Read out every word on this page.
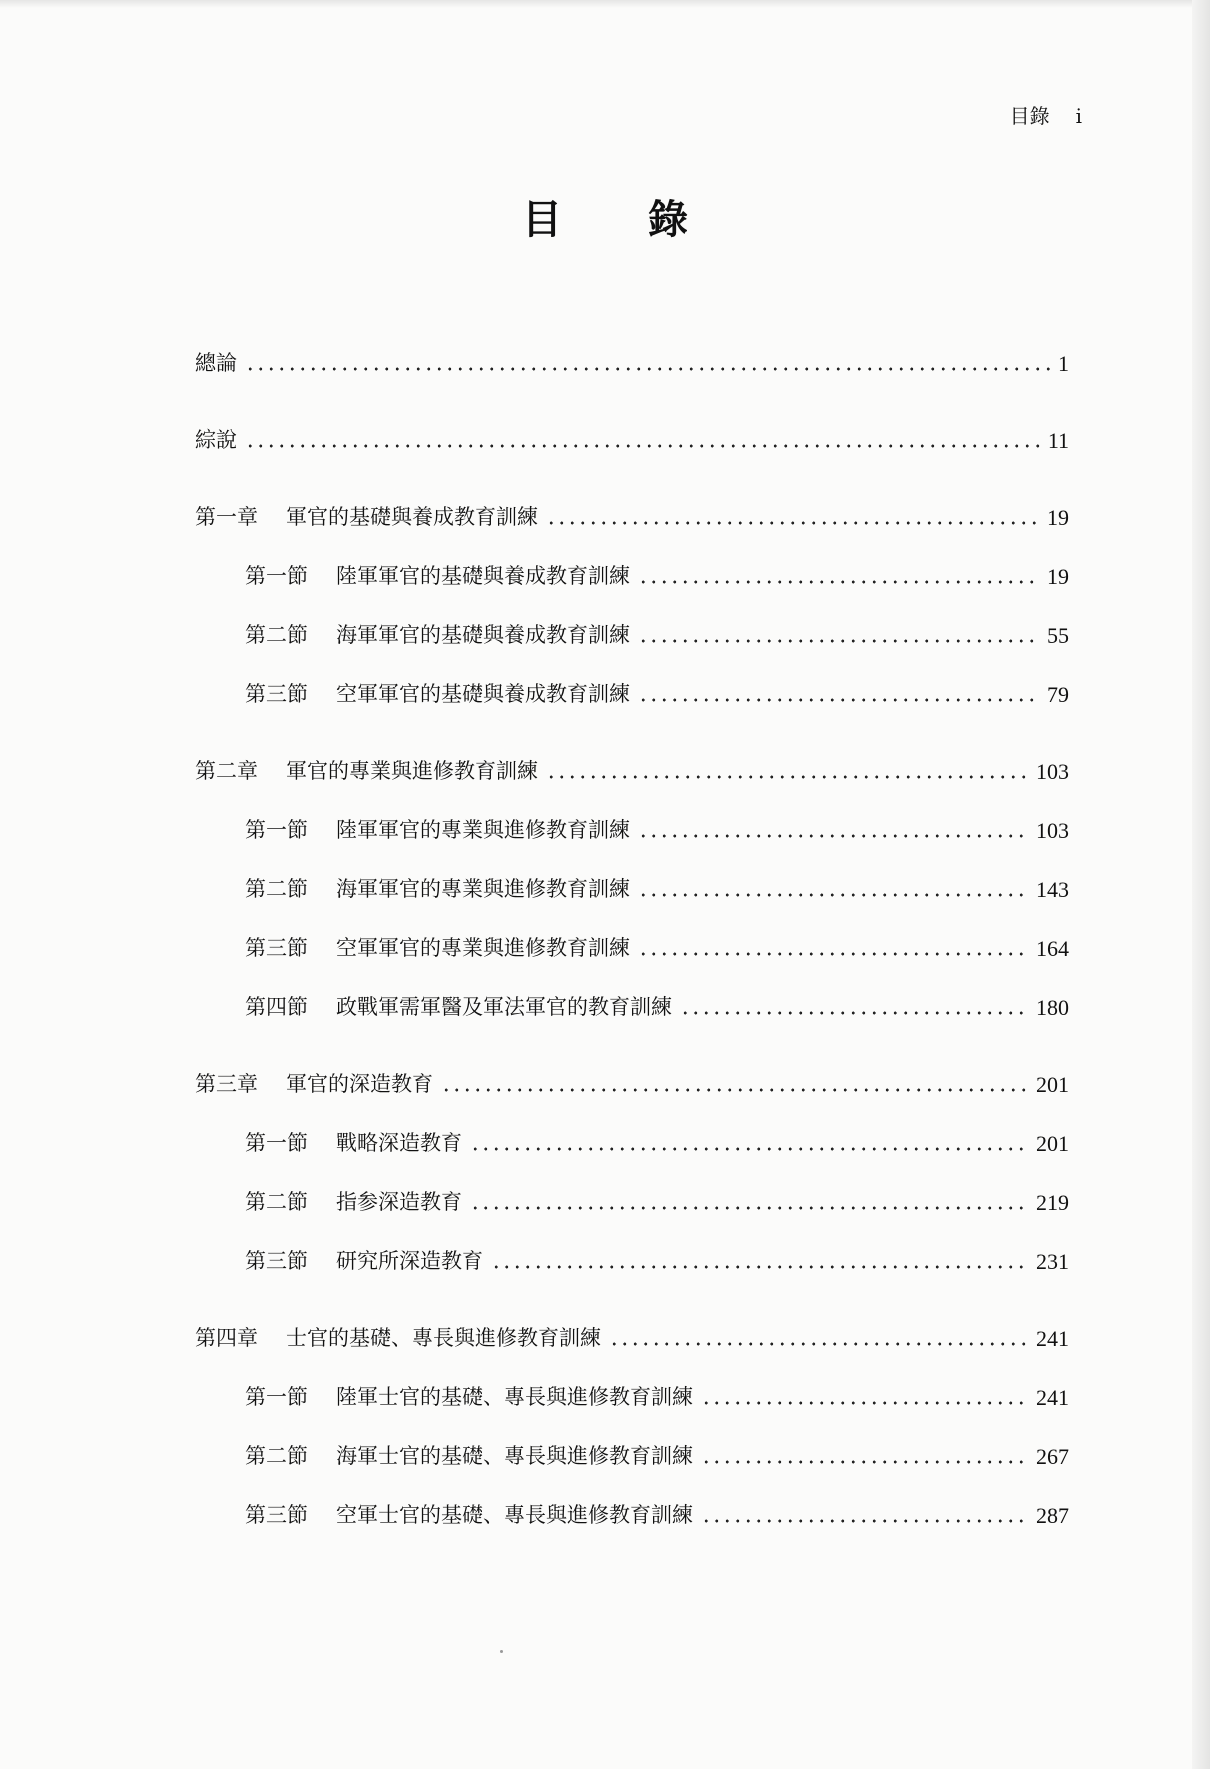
目錄 i
目 錄
總論	1
綜說	11
第一章 軍官的基礎與養成教育訓練	19
第一節 陸軍軍官的基礎與養成教育訓練	19
第二節 海軍軍官的基礎與養成教育訓練	55
第三節 空軍軍官的基礎與養成教育訓練	79
第二章 軍官的專業與進修教育訓練	103
第一節 陸軍軍官的專業與進修教育訓練	103
第二節 海軍軍官的專業與進修教育訓練	143
第三節 空軍軍官的專業與進修教育訓練	164
第四節 政戰軍需軍醫及軍法軍官的教育訓練	180
第三章 軍官的深造教育	201
第一節 戰略深造教育	201
第二節 指参深造教育	219
第三節 研究所深造教育	231
第四章 士官的基礎、專長與進修教育訓練	241
第一節 陸軍士官的基礎、專長與進修教育訓練	241
第二節 海軍士官的基礎、專長與進修教育訓練	267
第三節 空軍士官的基礎、專長與進修教育訓練	287
